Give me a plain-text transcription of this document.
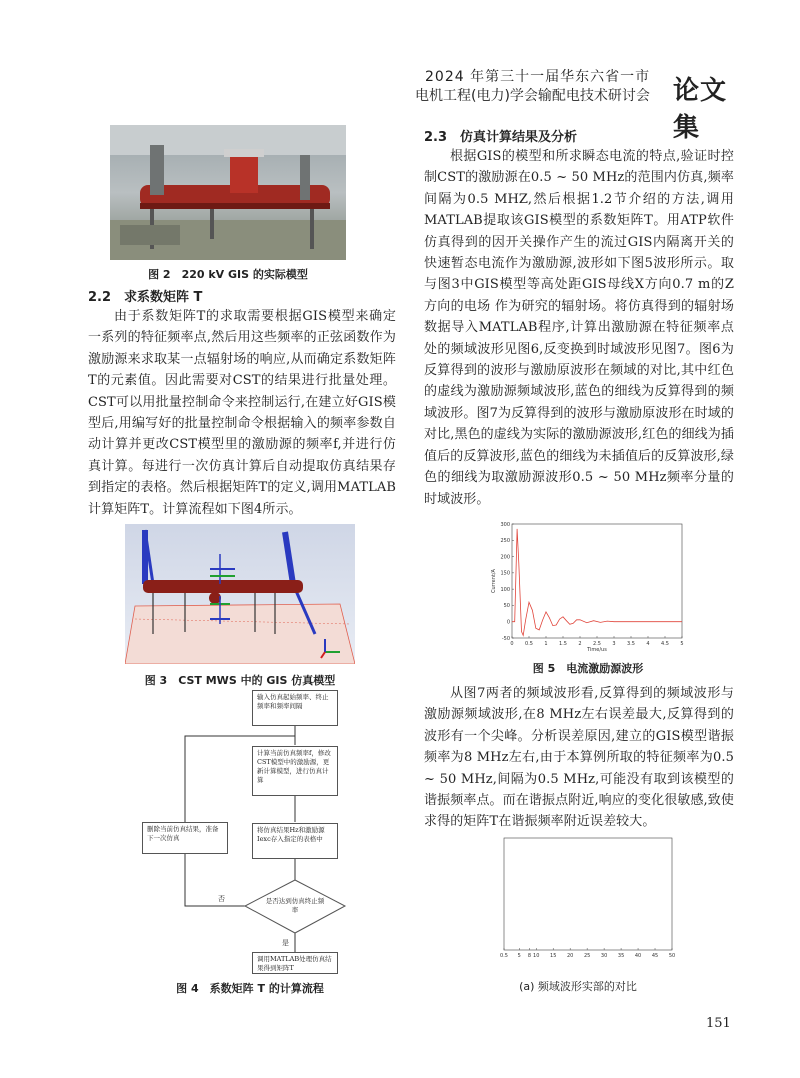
2024 年第三十一届华东六省一市
电机工程(电力)学会输配电技术研讨会 论文集
图 2　220 kV GIS 的实际模型
2.2　求系数矩阵 T
由于系数矩阵T的求取需要根据GIS模型来确定一系列的特征频率点,然后用这些频率的正弦函数作为激励源来求取某一点辐射场的响应,从而确定系数矩阵T的元素值。因此需要对CST的结果进行批量处理。CST可以用批量控制命令来控制运行,在建立好GIS模型后,用编写好的批量控制命令根据输入的频率参数自动计算并更改CST模型里的激励源的频率f,并进行仿真计算。每进行一次仿真计算后自动提取仿真结果存到指定的表格。然后根据矩阵T的定义,调用MATLAB计算矩阵T。计算流程如下图4所示。
图 3　CST MWS 中的 GIS 仿真模型
输入仿真起始频率、终止频率和频率间隔
计算当前仿真频率f，修改CST模型中的激励源，更新计算模型，进行仿真计算
将仿真结果Hz和激励源Iexc存入指定的表格中
是否达到仿真终止频率
删除当前仿真结果，准备下一次仿真
调用MATLAB处理仿真结果得到矩阵T
否
是
图 4　系数矩阵 T 的计算流程
2.3　仿真计算结果及分析
根据GIS的模型和所求瞬态电流的特点,验证时控制CST的激励源在0.5 ~ 50 MHz的范围内仿真,频率间隔为0.5 MHZ,然后根据1.2节介绍的方法,调用MATLAB提取该GIS模型的系数矩阵T。用ATP软件仿真得到的因开关操作产生的流过GIS内隔离开关的快速暂态电流作为激励源,波形如下图5波形所示。取与图3中GIS模型等高处距GIS母线X方向0.7 m的Z方向的电场 作为研究的辐射场。将仿真得到的辐射场数据导入MATLAB程序,计算出激励源在特征频率点处的频域波形见图6,反变换到时域波形见图7。图6为反算得到的波形与激励原波形在频域的对比,其中红色的虚线为激励源频域波形,蓝色的细线为反算得到的频域波形。图7为反算得到的波形与激励原波形在时域的对比,黑色的虚线为实际的激励源波形,红色的细线为插值后的反算波形,蓝色的细线为未插值后的反算波形,绿色的细线为取激励源波形0.5 ~ 50 MHz频率分量的时域波形。
0 0.5 1 1.5 2 2.5 3 3.5 4 4.5 5
-50
0
50
100
150
200
250
300
Time/us
Current/A
图 5　电流激励源波形
从图7两者的频域波形看,反算得到的频域波形与激励源频域波形,在8 MHz左右误差最大,反算得到的波形有一个尖峰。分析误差原因,建立的GIS模型谐振频率为8 MHz左右,由于本算例所取的特征频率为0.5 ~ 50 MHz,间隔为0.5 MHz,可能没有取到该模型的谐振频率点。而在谐振点附近,响应的变化很敏感,致使求得的矩阵T在谐振频率附近误差较大。
0.5 5 8 10 15 20 25 30 35 40 45 50
(a) 频域波形实部的对比
151
